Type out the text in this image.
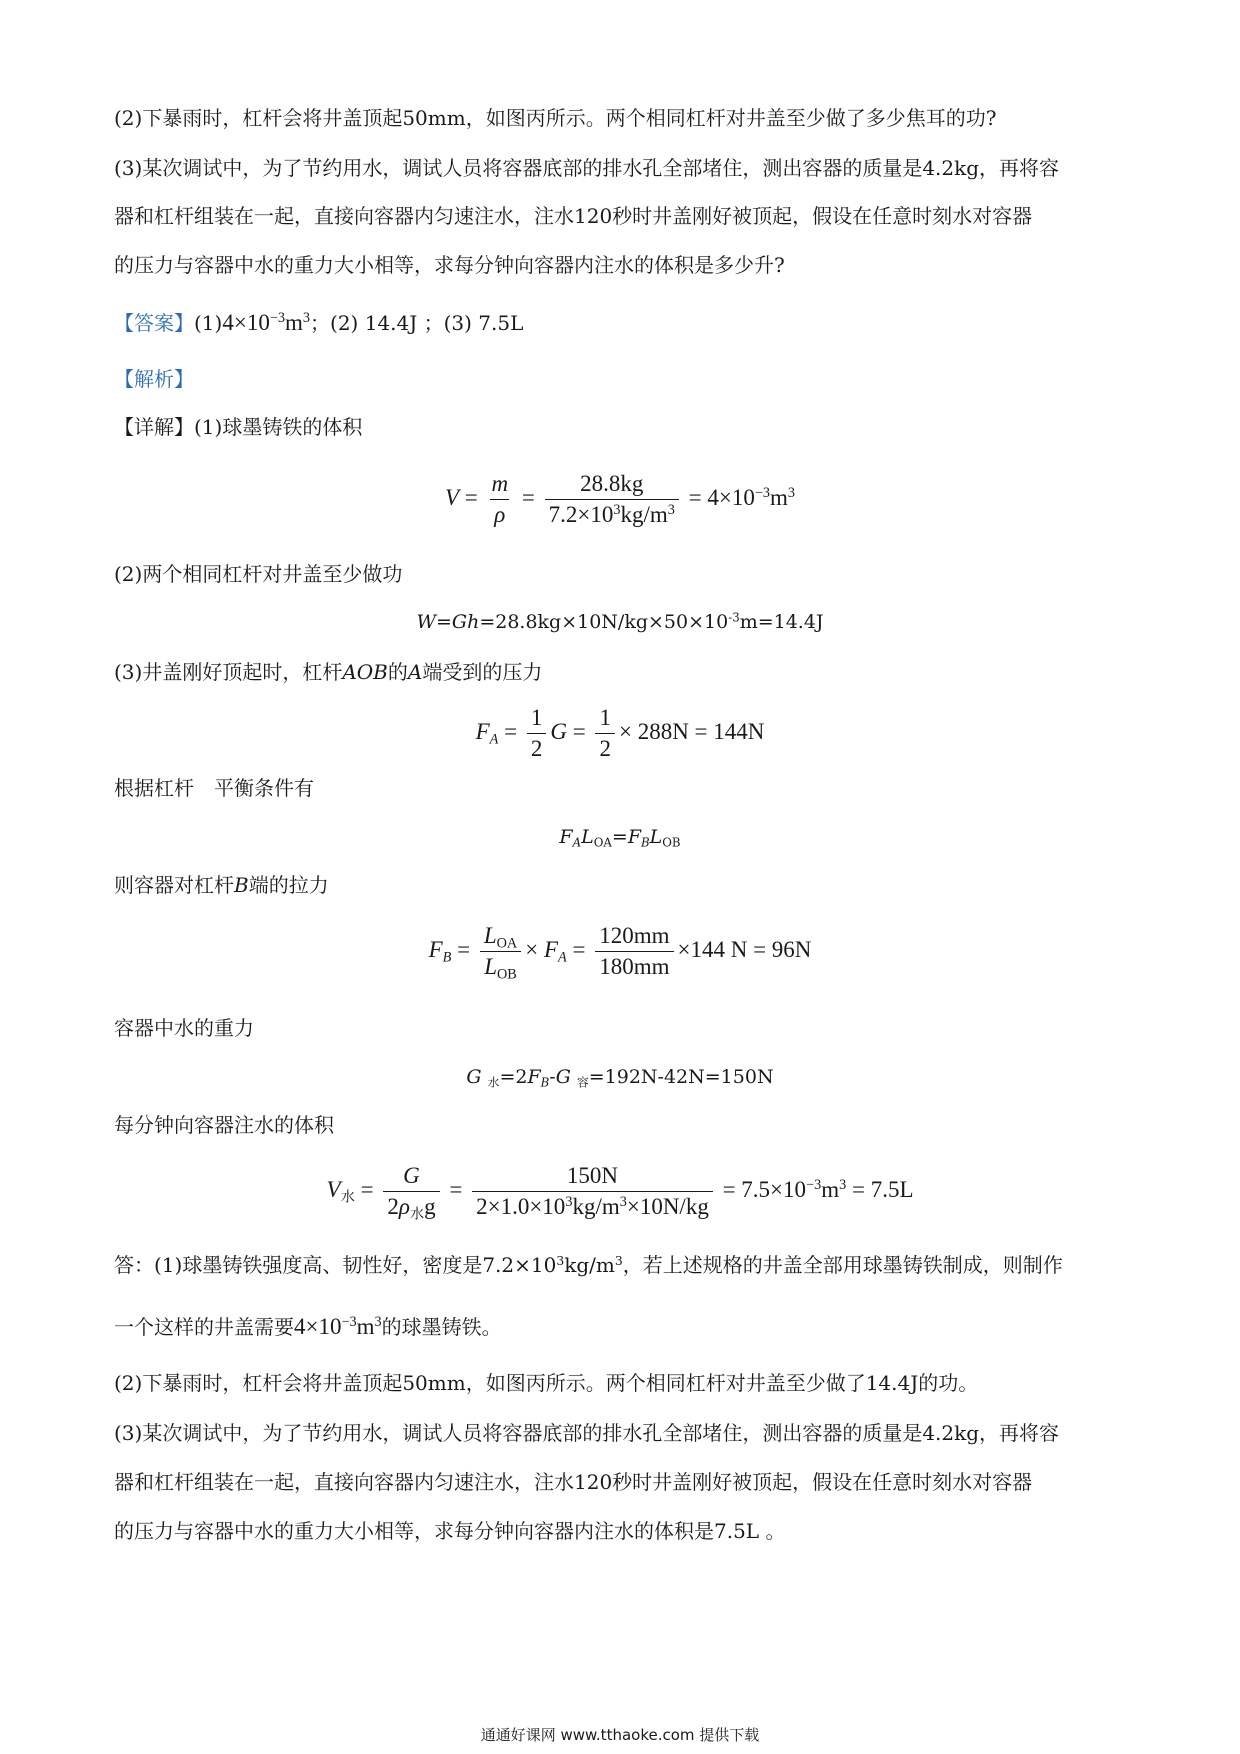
(2)下暴雨时，杠杆会将井盖顶起50mm，如图丙所示。两个相同杠杆对井盖至少做了多少焦耳的功?
(3)某次调试中，为了节约用水，调试人员将容器底部的排水孔全部堵住，测出容器的质量是4.2kg，再将容
器和杠杆组装在一起，直接向容器内匀速注水，注水120秒时井盖刚好被顶起，假设在任意时刻水对容器
的压力与容器中水的重力大小相等，求每分钟向容器内注水的体积是多少升?
【答案】$(1)4\times 10^{-3}m^3$；(2) 14.4J ；(3) 7.5L
【解析】
【详解】(1)球墨铸铁的体积
$V = \frac{m}{\rho} = \frac{28.8kg}{7.2\times 10^3kg/m^3} = 4\times 10^{-3}m^3$
(2)两个相同杠杆对井盖至少做功
$W=Gh=28.8kg\times 10N/kg\times 50\times 10^{-3}m=14.4J$
(3)井盖刚好顶起时，杠杆AOB的A端受到的压力
$F_A = \frac{1}{2}$ $G = \frac{1}{2} \times 288N = 144N$
根据杠杆　平衡条件有
$F_AL_{OA}=F_BL_{OB}$
则容器对杠杆B端的拉力
$F_B = \frac{L_{OA}}{L_{OB}} \times F_A = \frac{120mm}{180mm} \times 144$ N = 96N
容器中水的重力
G $_水=2F_B-G$ $_容$=192N-42N=150N
每分钟向容器注水的体积
$V_水 = \frac{G}{2\rho_水g} = \frac{150N}{2\times 1.0\times 10^3kg/m^3\times 10N/kg} = 7.5\times 10^{-3}m^3 = 7.5L$
答：(1)球墨铸铁强度高、韧性好，密度是$7.2\times 10^3kg/m^3$，若上述规格的井盖全部用球墨铸铁制成，则制作
一个这样的井盖需要$4\times 10^{-3}m^3$的球墨铸铁。
(2)下暴雨时，杠杆会将井盖顶起50mm，如图丙所示。两个相同杠杆对井盖至少做了14.4J的功。
(3)某次调试中，为了节约用水，调试人员将容器底部的排水孔全部堵住，测出容器的质量是4.2kg，再将容
器和杠杆组装在一起，直接向容器内匀速注水，注水120秒时井盖刚好被顶起，假设在任意时刻水对容器
的压力与容器中水的重力大小相等，求每分钟向容器内注水的体积是7.5L 。
通通好课网 www.tthaoke.com 提供下载
